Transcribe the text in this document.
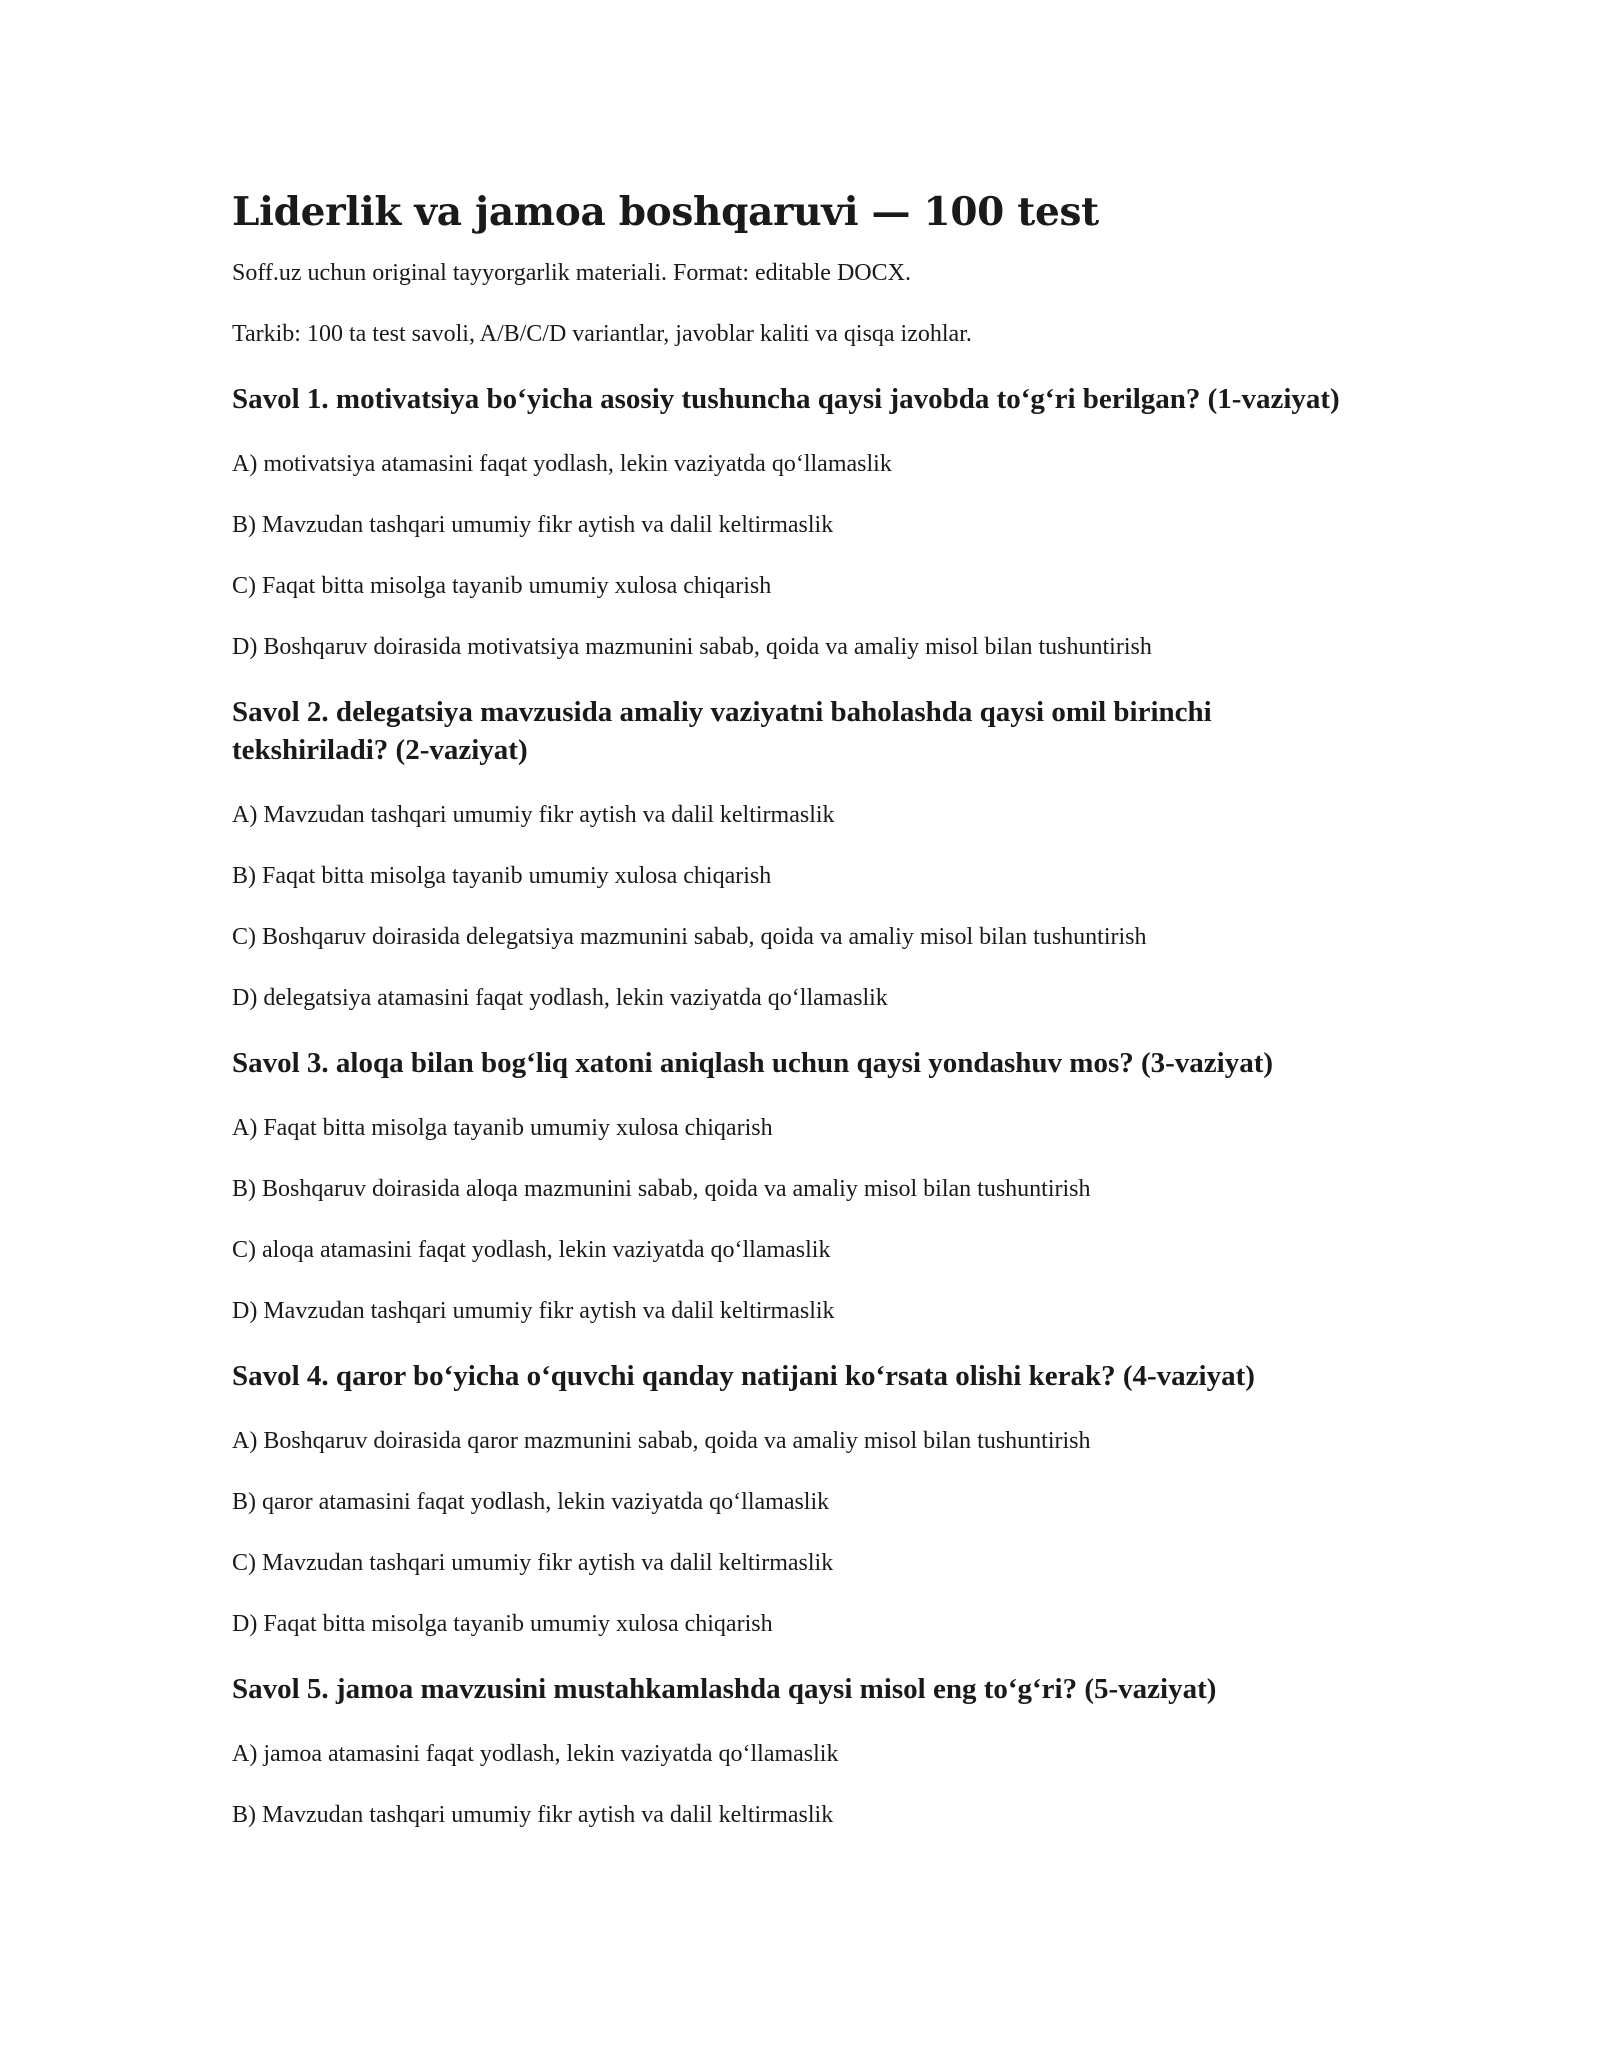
Liderlik va jamoa boshqaruvi — 100 test

Soff.uz uchun original tayyorgarlik materiali. Format: editable DOCX.

Tarkib: 100 ta test savoli, A/B/C/D variantlar, javoblar kaliti va qisqa izohlar.

Savol 1. motivatsiya bo‘yicha asosiy tushuncha qaysi javobda to‘g‘ri berilgan? (1-vaziyat)

A) motivatsiya atamasini faqat yodlash, lekin vaziyatda qo‘llamaslik
B) Mavzudan tashqari umumiy fikr aytish va dalil keltirmaslik
C) Faqat bitta misolga tayanib umumiy xulosa chiqarish
D) Boshqaruv doirasida motivatsiya mazmunini sabab, qoida va amaliy misol bilan tushuntirish

Savol 2. delegatsiya mavzusida amaliy vaziyatni baholashda qaysi omil birinchi tekshiriladi? (2-vaziyat)

A) Mavzudan tashqari umumiy fikr aytish va dalil keltirmaslik
B) Faqat bitta misolga tayanib umumiy xulosa chiqarish
C) Boshqaruv doirasida delegatsiya mazmunini sabab, qoida va amaliy misol bilan tushuntirish
D) delegatsiya atamasini faqat yodlash, lekin vaziyatda qo‘llamaslik

Savol 3. aloqa bilan bog‘liq xatoni aniqlash uchun qaysi yondashuv mos? (3-vaziyat)

A) Faqat bitta misolga tayanib umumiy xulosa chiqarish
B) Boshqaruv doirasida aloqa mazmunini sabab, qoida va amaliy misol bilan tushuntirish
C) aloqa atamasini faqat yodlash, lekin vaziyatda qo‘llamaslik
D) Mavzudan tashqari umumiy fikr aytish va dalil keltirmaslik

Savol 4. qaror bo‘yicha o‘quvchi qanday natijani ko‘rsata olishi kerak? (4-vaziyat)

A) Boshqaruv doirasida qaror mazmunini sabab, qoida va amaliy misol bilan tushuntirish
B) qaror atamasini faqat yodlash, lekin vaziyatda qo‘llamaslik
C) Mavzudan tashqari umumiy fikr aytish va dalil keltirmaslik
D) Faqat bitta misolga tayanib umumiy xulosa chiqarish

Savol 5. jamoa mavzusini mustahkamlashda qaysi misol eng to‘g‘ri? (5-vaziyat)

A) jamoa atamasini faqat yodlash, lekin vaziyatda qo‘llamaslik
B) Mavzudan tashqari umumiy fikr aytish va dalil keltirmaslik
